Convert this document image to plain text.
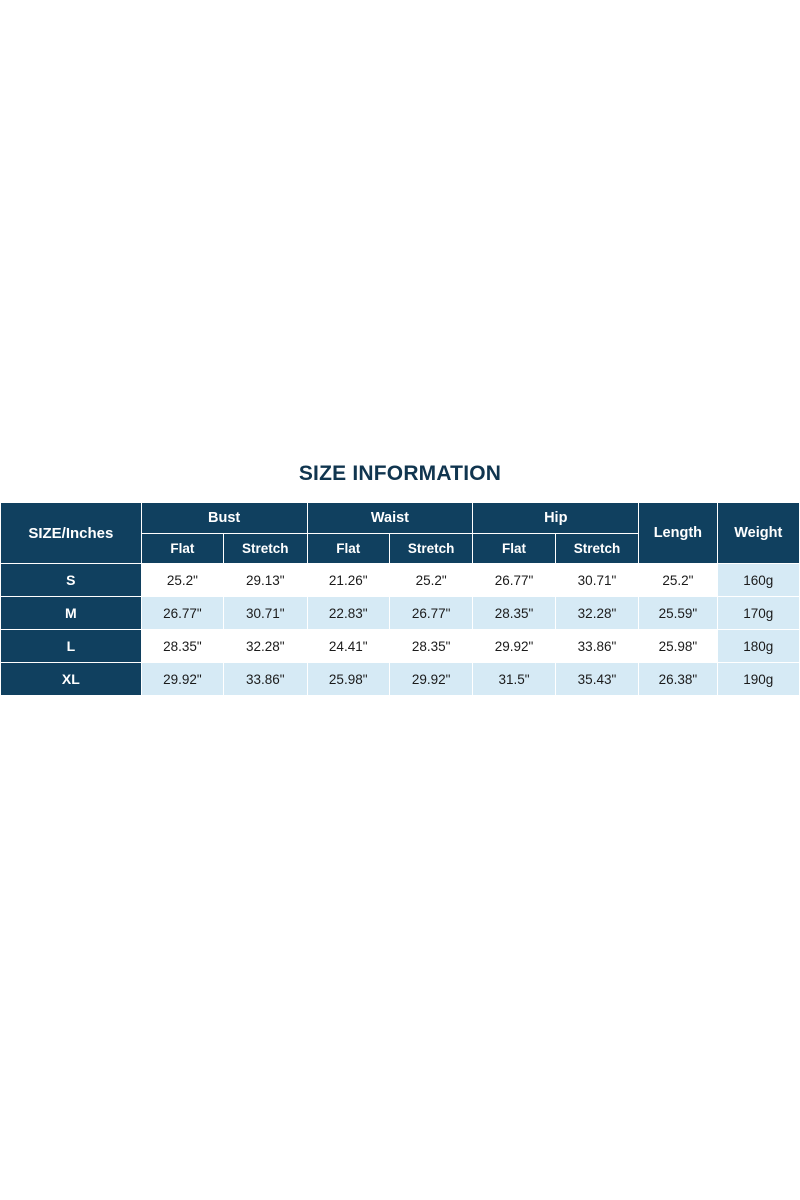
SIZE INFORMATION
SIZE/Inches	Bust		Waist		Hip		Length	Weight
	Flat	Stretch	Flat	Stretch	Flat	Stretch		
S	25.2"	29.13"	21.26"	25.2"	26.77"	30.71"	25.2"	160g
M	26.77"	30.71"	22.83"	26.77"	28.35"	32.28"	25.59"	170g
L	28.35"	32.28"	24.41"	28.35"	29.92"	33.86"	25.98"	180g
XL	29.92"	33.86"	25.98"	29.92"	31.5"	35.43"	26.38"	190g
